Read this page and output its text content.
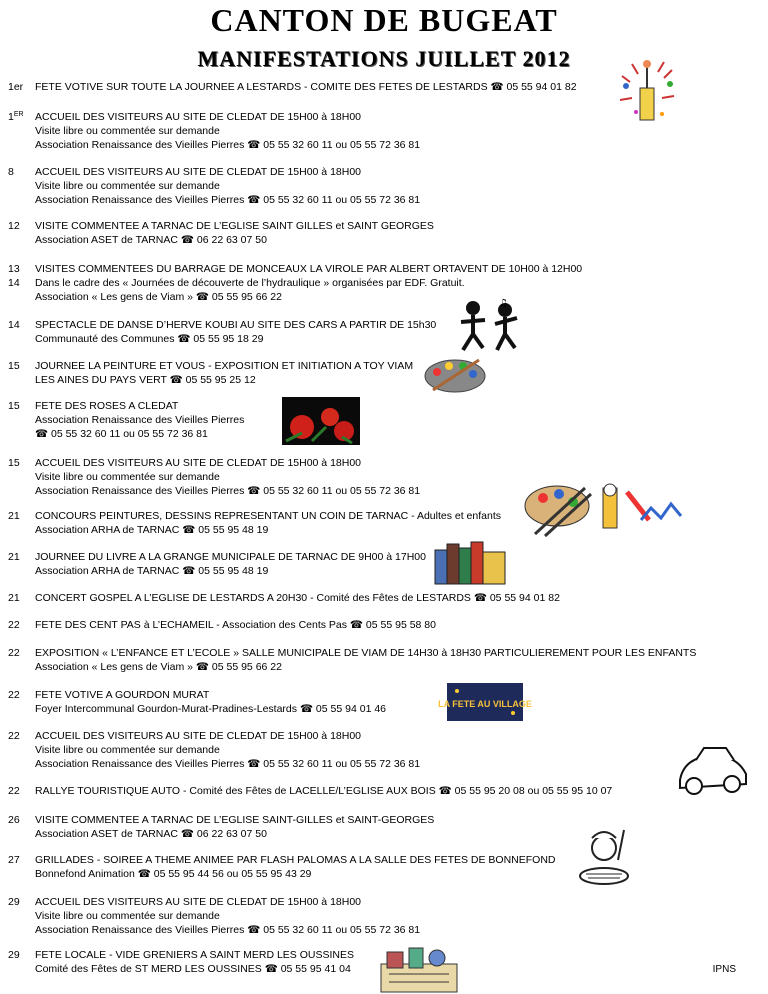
CANTON DE BUGEAT
MANIFESTATIONS JUILLET 2012
1er FETE VOTIVE SUR TOUTE LA JOURNEE A LESTARDS - COMITE DES FETES DE LESTARDS ☎ 05 55 94 01 82
1ER ACCUEIL DES VISITEURS AU SITE DE CLEDAT DE 15H00 à 18H00
Visite libre ou commentée sur demande
Association Renaissance des Vieilles Pierres ☎ 05 55 32 60 11 ou 05 55 72 36 81
8 ACCUEIL DES VISITEURS AU SITE DE CLEDAT DE 15H00 à 18H00
Visite libre ou commentée sur demande
Association Renaissance des Vieilles Pierres ☎ 05 55 32 60 11 ou 05 55 72 36 81
12 VISITE COMMENTEE A TARNAC DE L’EGLISE SAINT GILLES et SAINT GEORGES
Association ASET de TARNAC ☎ 06 22 63 07 50
13 VISITES COMMENTEES DU BARRAGE DE MONCEAUX LA VIROLE PAR ALBERT ORTAVENT DE 10H00 à 12H00
14 Dans le cadre des « Journées de découverte de l’hydraulique » organisées par EDF. Gratuit.
Association « Les gens de Viam » ☎ 05 55 95 66 22
14 SPECTACLE DE DANSE D’HERVE KOUBI AU SITE DES CARS A PARTIR DE 15h30
Communauté des Communes ☎ 05 55 95 18 29
15 JOURNEE LA PEINTURE ET VOUS - EXPOSITION ET INITIATION A TOY VIAM
LES AINES DU PAYS VERT ☎ 05 55 95 25 12
15 FETE DES ROSES A CLEDAT
Association Renaissance des Vieilles Pierres
☎ 05 55 32 60 11 ou 05 55 72 36 81
15 ACCUEIL DES VISITEURS AU SITE DE CLEDAT DE 15H00 à 18H00
Visite libre ou commentée sur demande
Association Renaissance des Vieilles Pierres ☎ 05 55 32 60 11 ou 05 55 72 36 81
21 CONCOURS PEINTURES, DESSINS REPRESENTANT UN COIN DE TARNAC - Adultes et enfants
Association ARHA de TARNAC ☎ 05 55 95 48 19
21 JOURNEE DU LIVRE A LA GRANGE MUNICIPALE DE TARNAC DE 9H00 à 17H00
Association ARHA de TARNAC ☎ 05 55 95 48 19
21 CONCERT GOSPEL A L’EGLISE DE LESTARDS A 20H30 - Comité des Fêtes de LESTARDS ☎ 05 55 94 01 82
22 FETE DES CENT PAS à L’ECHAMEIL - Association des Cents Pas ☎ 05 55 95 58 80
22 EXPOSITION « L’ENFANCE ET L’ECOLE » SALLE MUNICIPALE DE VIAM DE 14H30 à 18H30 PARTICULIEREMENT POUR LES ENFANTS
Association « Les gens de Viam » ☎ 05 55 95 66 22
22 FETE VOTIVE A GOURDON MURAT
Foyer Intercommunal Gourdon-Murat-Pradines-Lestards ☎ 05 55 94 01 46
22 ACCUEIL DES VISITEURS AU SITE DE CLEDAT DE 15H00 à 18H00
Visite libre ou commentée sur demande
Association Renaissance des Vieilles Pierres ☎ 05 55 32 60 11 ou 05 55 72 36 81
22 RALLYE TOURISTIQUE AUTO - Comité des Fêtes de LACELLE/L’EGLISE AUX BOIS ☎ 05 55 95 20 08 ou 05 55 95 10 07
26 VISITE COMMENTEE A TARNAC DE L’EGLISE SAINT-GILLES et SAINT-GEORGES
Association ASET de TARNAC ☎ 06 22 63 07 50
27 GRILLADES - SOIREE A THEME ANIMEE PAR FLASH PALOMAS A LA SALLE DES FETES DE BONNEFOND
Bonnefond Animation ☎ 05 55 95 44 56 ou 05 55 95 43 29
29 ACCUEIL DES VISITEURS AU SITE DE CLEDAT DE 15H00 à 18H00
Visite libre ou commentée sur demande
Association Renaissance des Vieilles Pierres ☎ 05 55 32 60 11 ou 05 55 72 36 81
29 FETE LOCALE - VIDE GRENIERS A SAINT MERD LES OUSSINES
Comité des Fêtes de ST MERD LES OUSSINES ☎ 05 55 95 41 04
♫
LA FETE AU VILLAGE
IPNS
